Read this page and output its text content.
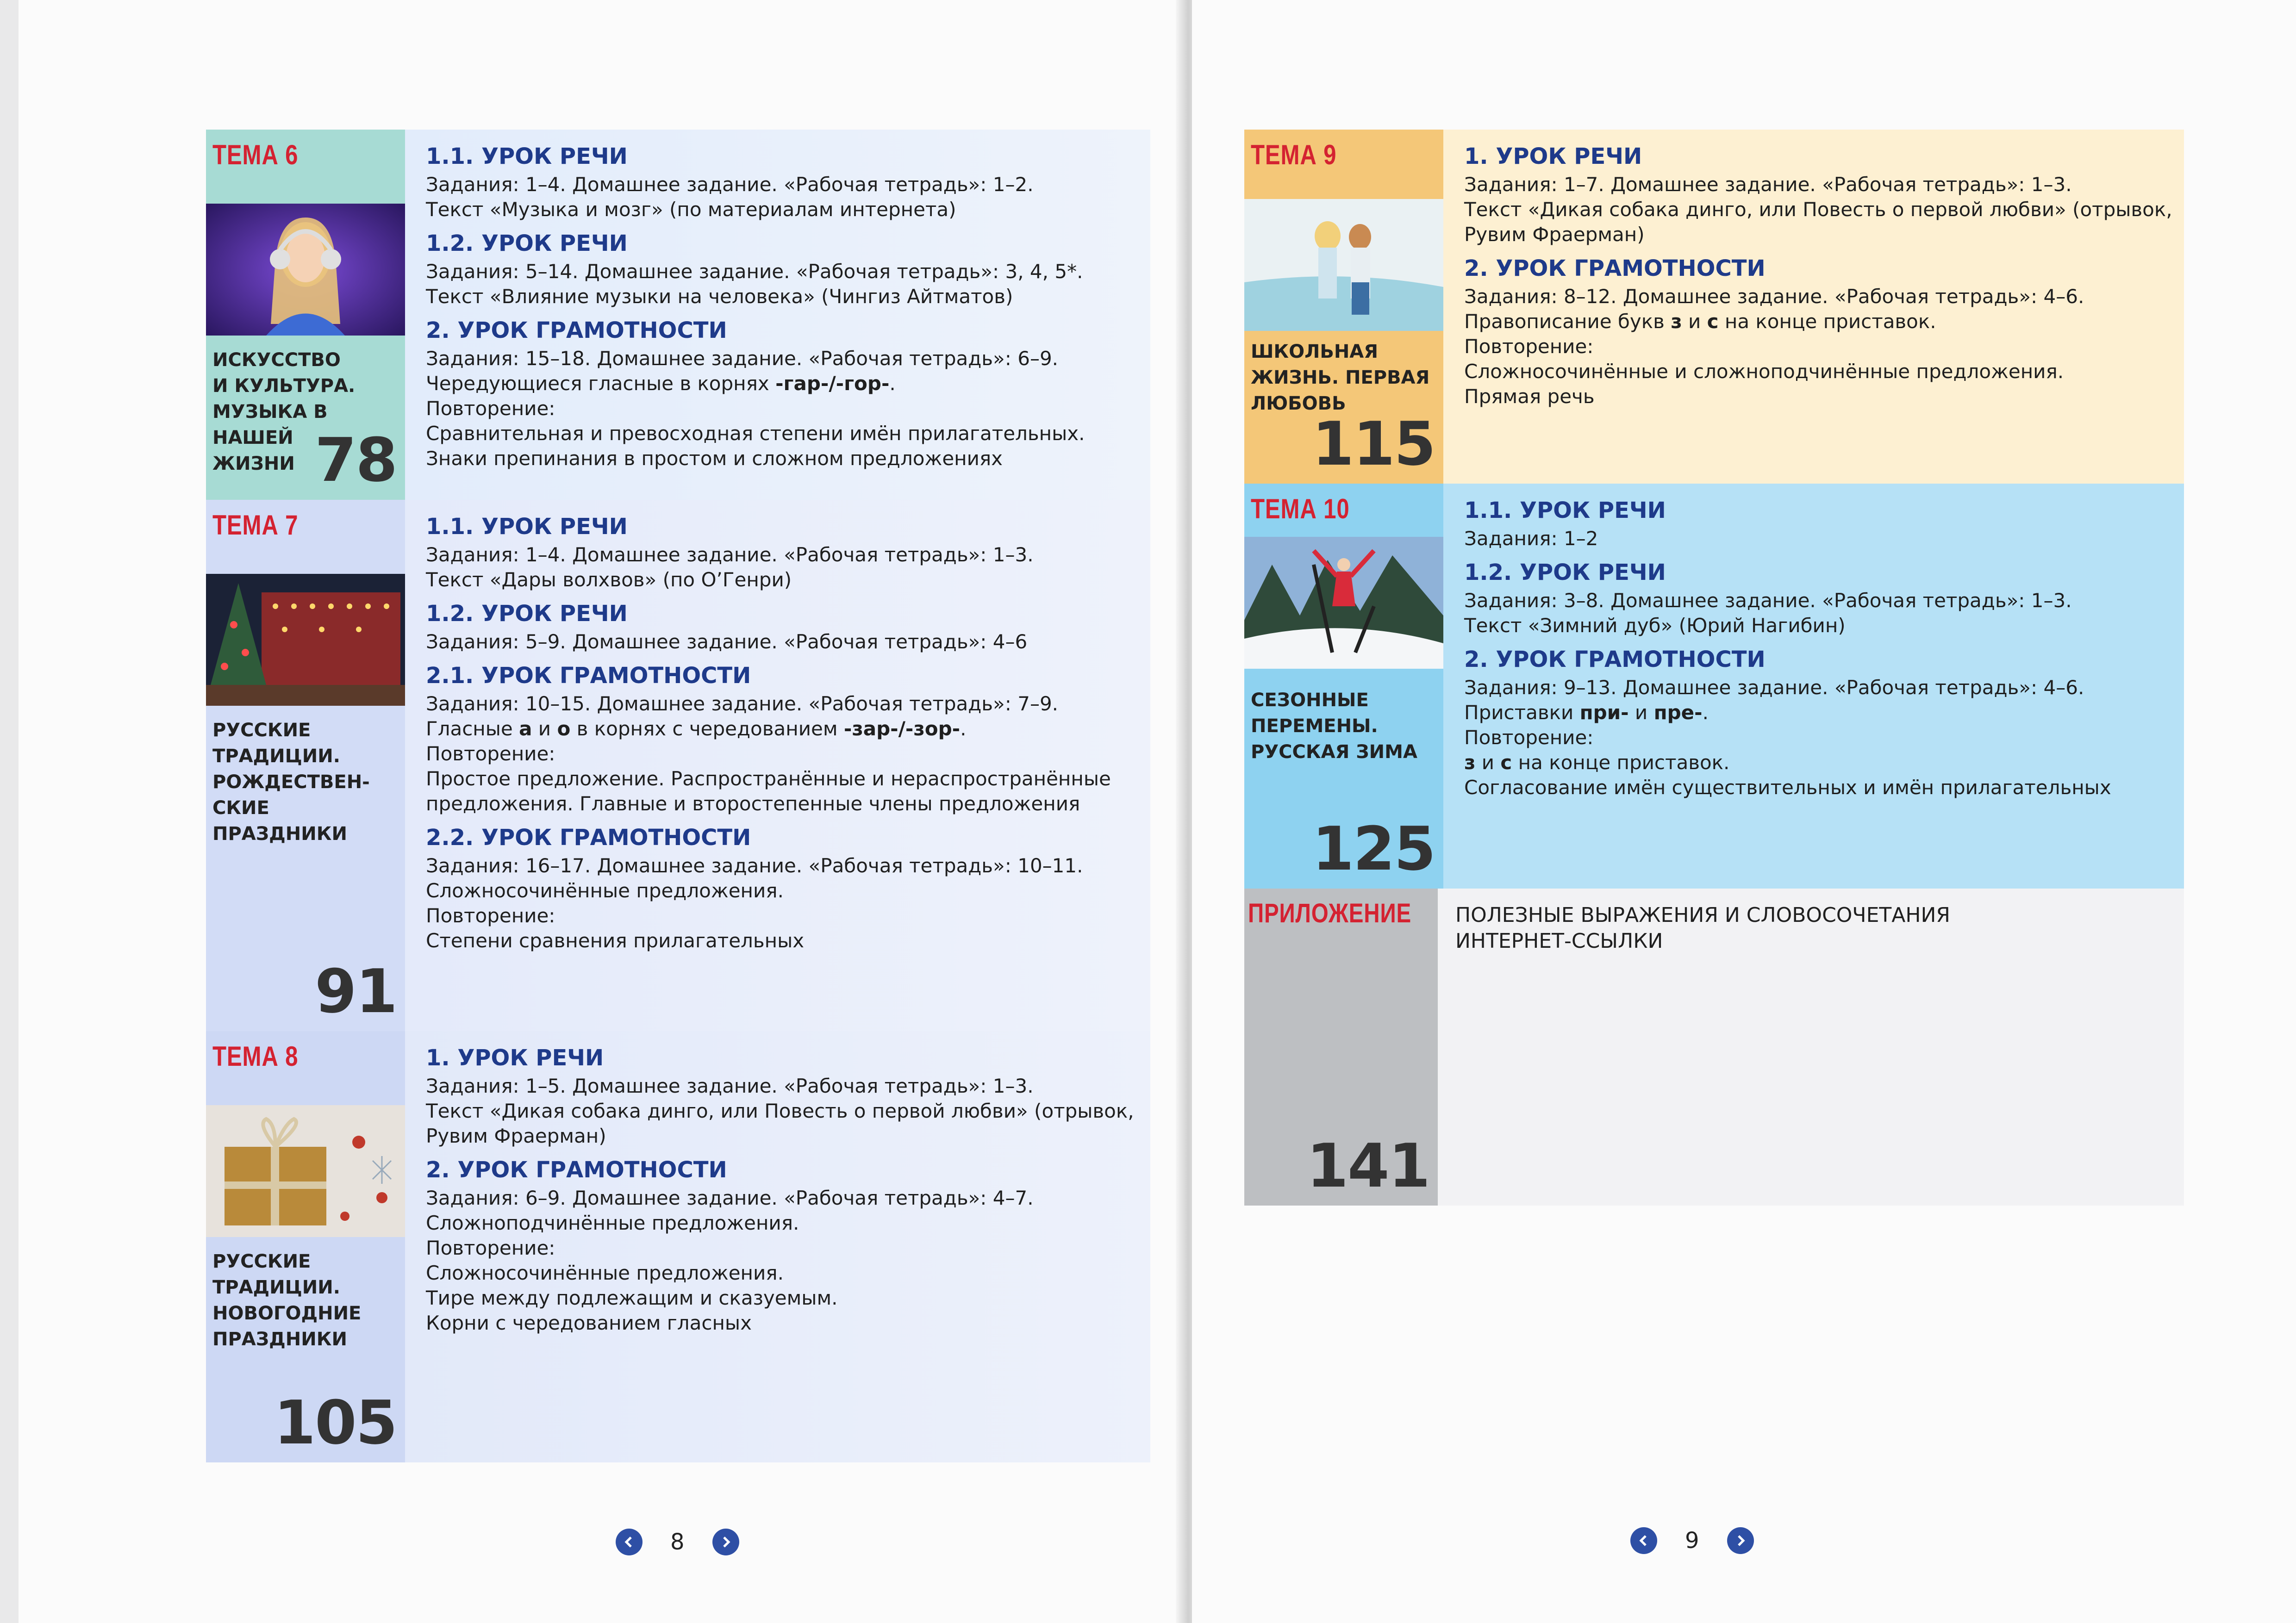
ТЕМА 6
ИСКУССТВО
И КУЛЬТУРА.
МУЗЫКА В НАШЕЙ
ЖИЗНИ 78
1.1. УРОК РЕЧИ
Задания: 1–4. Домашнее задание. «Рабочая тетрадь»: 1–2.
Текст «Музыка и мозг» (по материалам интернета)
1.2. УРОК РЕЧИ
Задания: 5–14. Домашнее задание. «Рабочая тетрадь»: 3, 4, 5*.
Текст «Влияние музыки на человека» (Чингиз Айтматов)
2. УРОК ГРАМОТНОСТИ
Задания: 15–18. Домашнее задание. «Рабочая тетрадь»: 6–9.
Чередующиеся гласные в корнях -гар-/-гор-.
Повторение:
Сравнительная и превосходная степени имён прилагательных.
Знаки препинания в простом и сложном предложениях
ТЕМА 7
РУССКИЕ
ТРАДИЦИИ.
РОЖДЕСТВЕН-
СКИЕ ПРАЗДНИКИ
91
1.1. УРОК РЕЧИ
Задания: 1–4. Домашнее задание. «Рабочая тетрадь»: 1–3.
Текст «Дары волхвов» (по О’Генри)
1.2. УРОК РЕЧИ
Задания: 5–9. Домашнее задание. «Рабочая тетрадь»: 4–6
2.1. УРОК ГРАМОТНОСТИ
Задания: 10–15. Домашнее задание. «Рабочая тетрадь»: 7–9.
Гласные а и о в корнях с чередованием -зар-/-зор-.
Повторение:
Простое предложение. Распространённые и нераспространённые
предложения. Главные и второстепенные члены предложения
2.2. УРОК ГРАМОТНОСТИ
Задания: 16–17. Домашнее задание. «Рабочая тетрадь»: 10–11.
Сложносочинённые предложения.
Повторение:
Степени сравнения прилагательных
ТЕМА 8
РУССКИЕ
ТРАДИЦИИ.
НОВОГОДНИЕ
ПРАЗДНИКИ
105
1. УРОК РЕЧИ
Задания: 1–5. Домашнее задание. «Рабочая тетрадь»: 1–3.
Текст «Дикая собака динго, или Повесть о первой любви» (отрывок,
Рувим Фраерман)
2. УРОК ГРАМОТНОСТИ
Задания: 6–9. Домашнее задание. «Рабочая тетрадь»: 4–7.
Сложноподчинённые предложения.
Повторение:
Сложносочинённые предложения.
Тире между подлежащим и сказуемым.
Корни с чередованием гласных
ТЕМА 9
ШКОЛЬНАЯ
ЖИЗНЬ. ПЕРВАЯ
ЛЮБОВЬ
115
1. УРОК РЕЧИ
Задания: 1–7. Домашнее задание. «Рабочая тетрадь»: 1–3.
Текст «Дикая собака динго, или Повесть о первой любви» (отрывок,
Рувим Фраерман)
2. УРОК ГРАМОТНОСТИ
Задания: 8–12. Домашнее задание. «Рабочая тетрадь»: 4–6.
Правописание букв з и с на конце приставок.
Повторение:
Сложносочинённые и сложноподчинённые предложения.
Прямая речь
ТЕМА 10
СЕЗОННЫЕ
ПЕРЕМЕНЫ.
РУССКАЯ ЗИМА
125
1.1. УРОК РЕЧИ
Задания: 1–2
1.2. УРОК РЕЧИ
Задания: 3–8. Домашнее задание. «Рабочая тетрадь»: 1–3.
Текст «Зимний дуб» (Юрий Нагибин)
2. УРОК ГРАМОТНОСТИ
Задания: 9–13. Домашнее задание. «Рабочая тетрадь»: 4–6.
Приставки при- и пре-.
Повторение:
з и с на конце приставок.
Согласование имён существительных и имён прилагательных
ПРИЛОЖЕНИЕ
141
ПОЛЕЗНЫЕ ВЫРАЖЕНИЯ И СЛОВОСОЧЕТАНИЯ
ИНТЕРНЕТ-ССЫЛКИ
8	9
